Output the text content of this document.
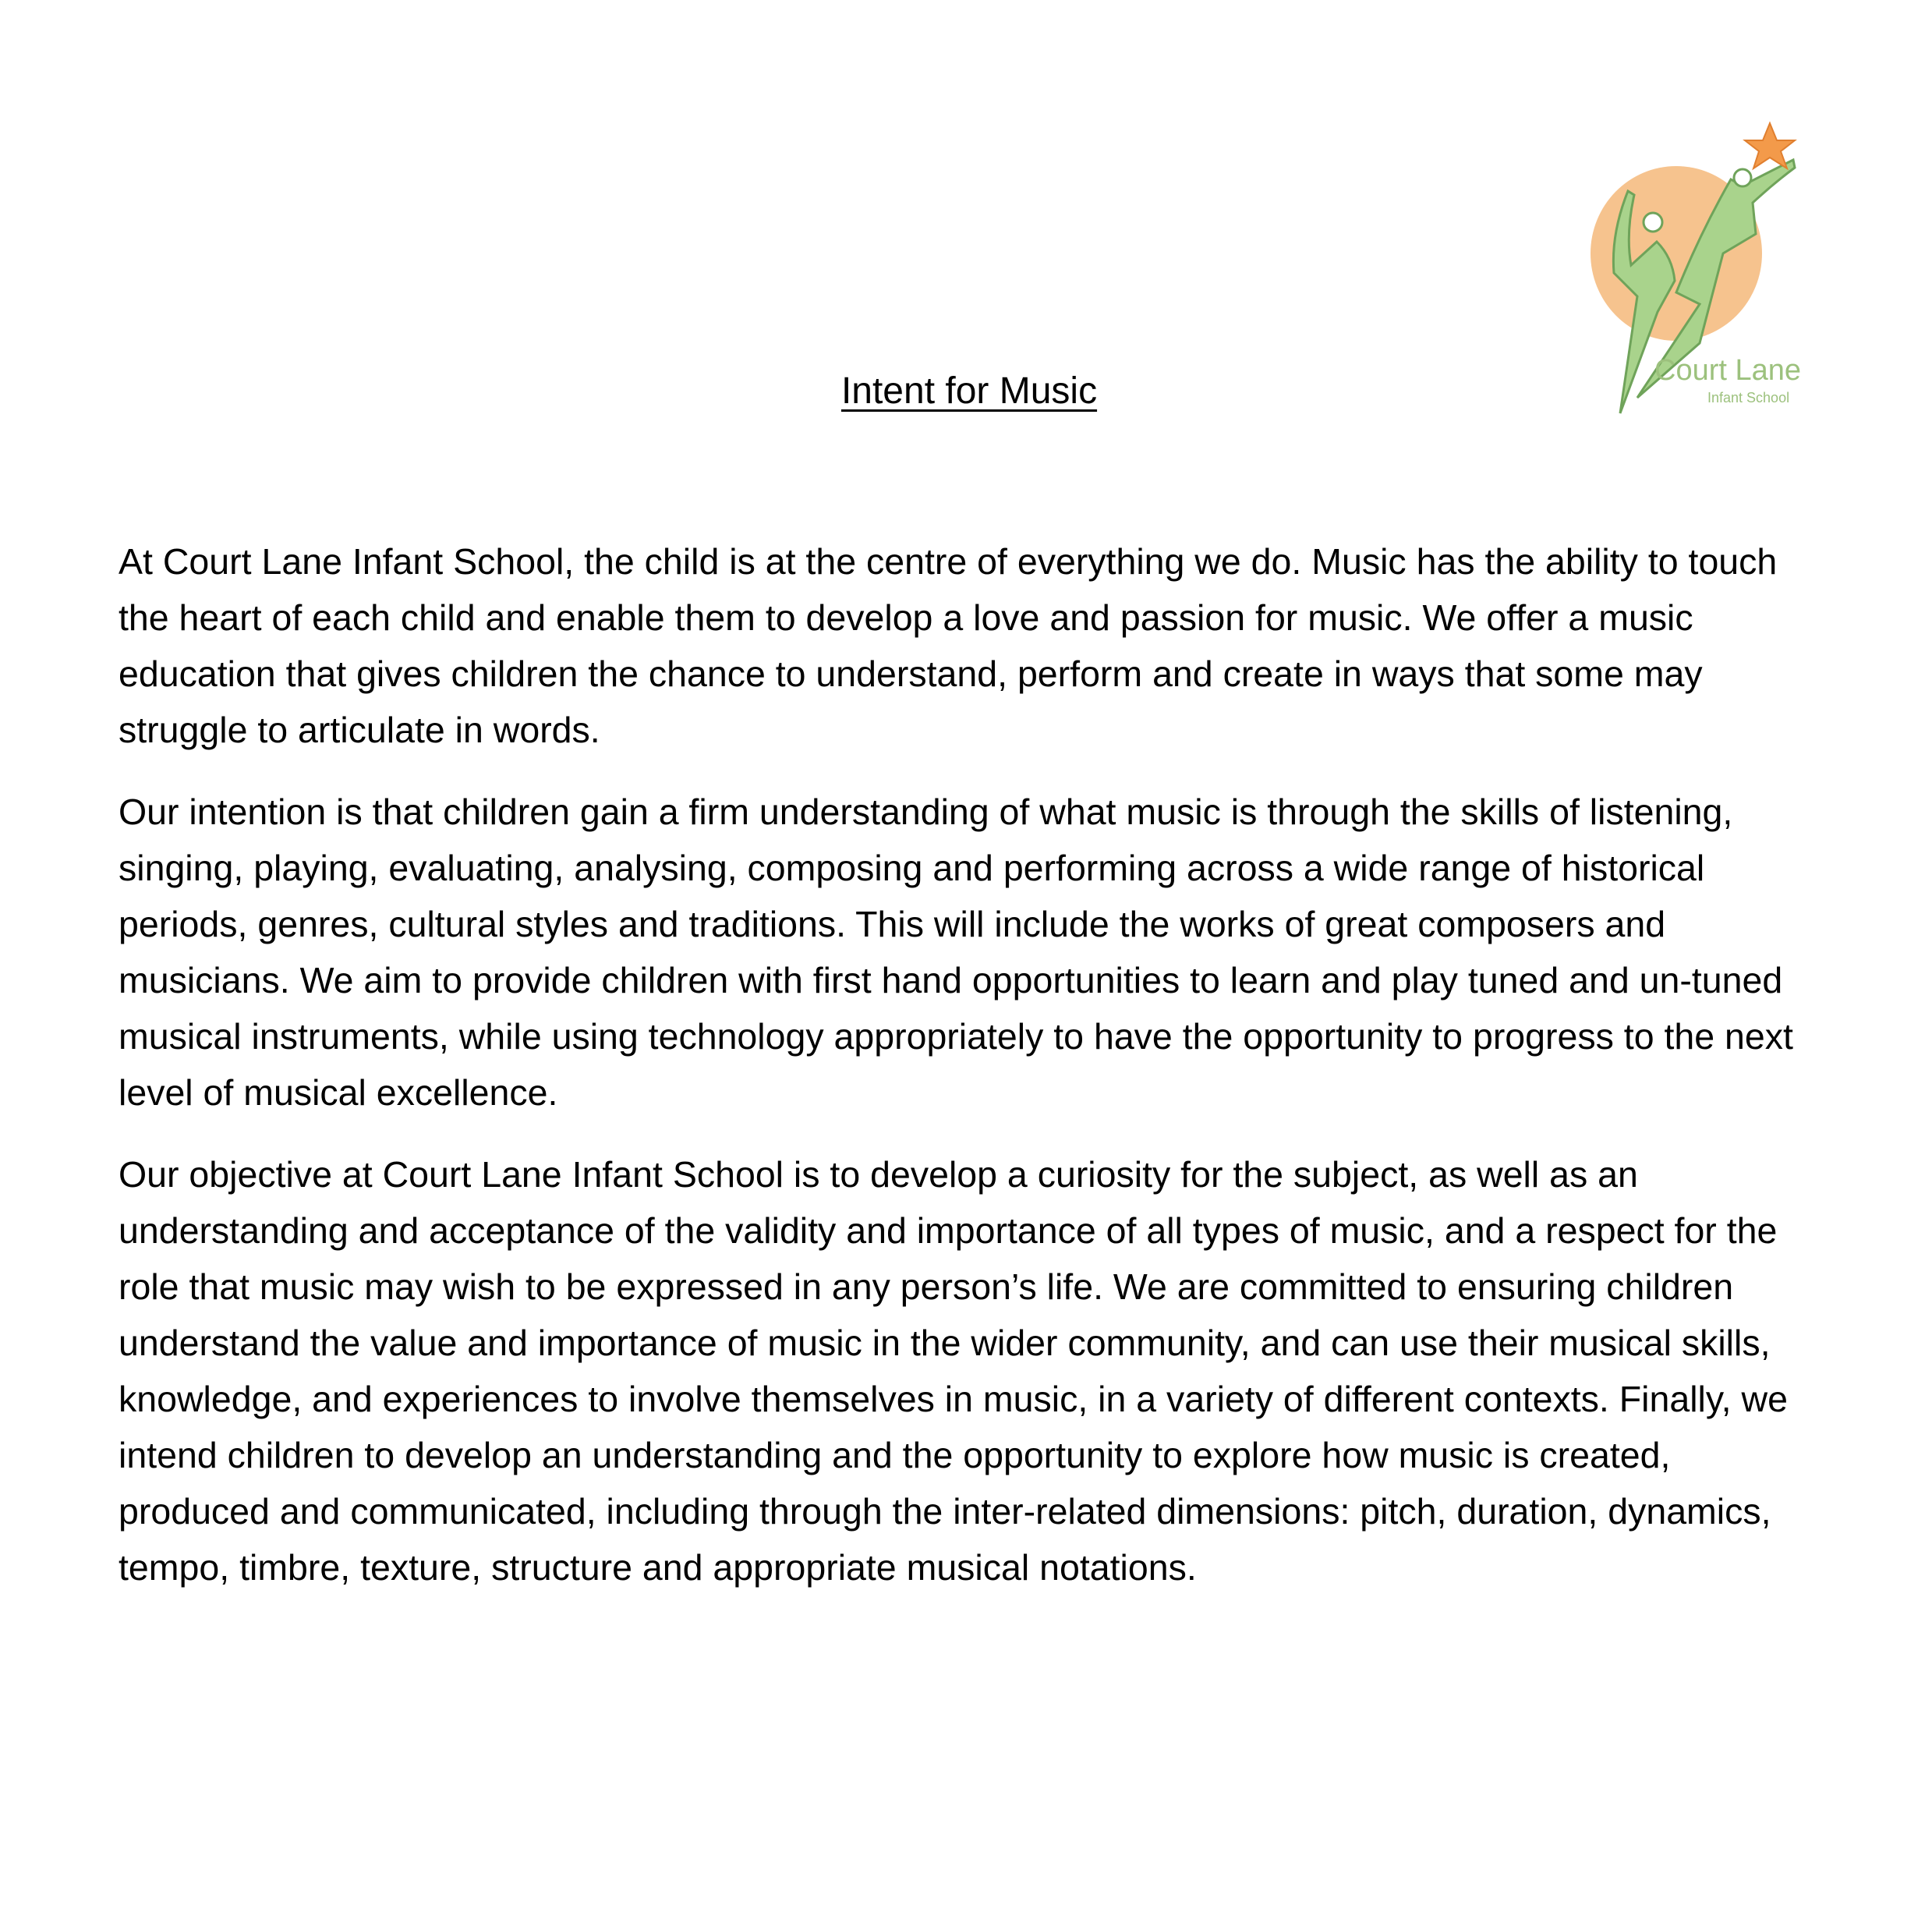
Court Lane
Infant School
Intent for Music

At Court Lane Infant School, the child is at the centre of everything we do. Music has the ability to touch the heart of each child and enable them to develop a love and passion for music. We offer a music education that gives children the chance to understand, perform and create in ways that some may struggle to articulate in words.

Our intention is that children gain a firm understanding of what music is through the skills of listening, singing, playing, evaluating, analysing, composing and performing across a wide range of historical periods, genres, cultural styles and traditions. This will include the works of great composers and musicians. We aim to provide children with first hand opportunities to learn and play tuned and un-tuned musical instruments, while using technology appropriately to have the opportunity to progress to the next level of musical excellence.

Our objective at Court Lane Infant School is to develop a curiosity for the subject, as well as an understanding and acceptance of the validity and importance of all types of music, and a respect for the role that music may wish to be expressed in any person’s life. We are committed to ensuring children understand the value and importance of music in the wider community, and can use their musical skills, knowledge, and experiences to involve themselves in music, in a variety of different contexts. Finally, we intend children to develop an understanding and the opportunity to explore how music is created, produced and communicated, including through the inter-related dimensions: pitch, duration, dynamics, tempo, timbre, texture, structure and appropriate musical notations.
